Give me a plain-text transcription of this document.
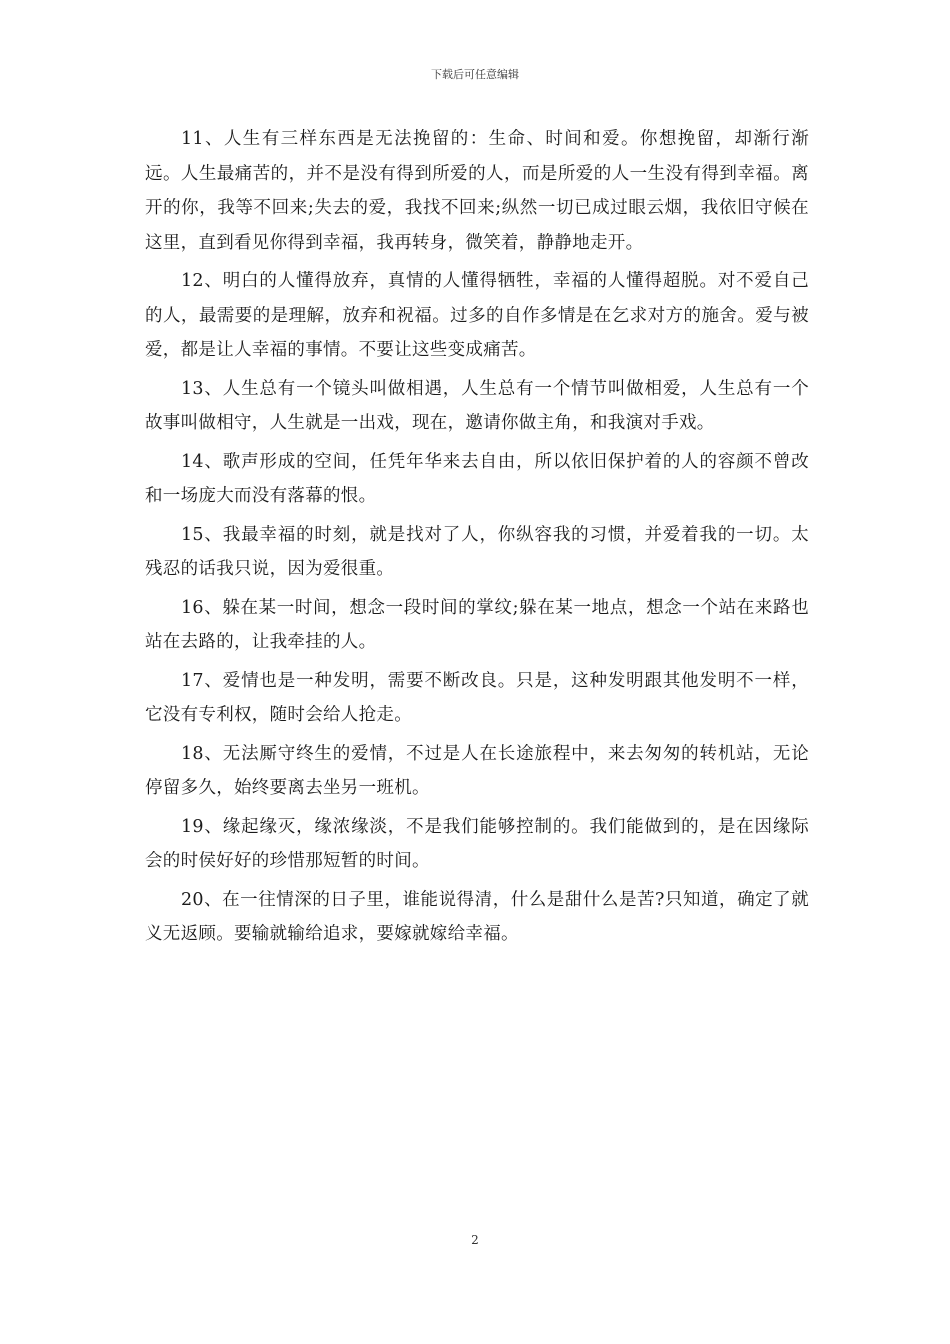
下载后可任意编辑

11、人生有三样东西是无法挽留的：生命、时间和爱。你想挽留，却渐行渐远。人生最痛苦的，并不是没有得到所爱的人，而是所爱的人一生没有得到幸福。离开的你，我等不回来;失去的爱，我找不回来;纵然一切已成过眼云烟，我依旧守候在这里，直到看见你得到幸福，我再转身，微笑着，静静地走开。

12、明白的人懂得放弃，真情的人懂得牺牲，幸福的人懂得超脱。对不爱自己的人，最需要的是理解，放弃和祝福。过多的自作多情是在乞求对方的施舍。爱与被爱，都是让人幸福的事情。不要让这些变成痛苦。

13、人生总有一个镜头叫做相遇，人生总有一个情节叫做相爱，人生总有一个故事叫做相守，人生就是一出戏，现在，邀请你做主角，和我演对手戏。

14、歌声形成的空间，任凭年华来去自由，所以依旧保护着的人的容颜不曾改和一场庞大而没有落幕的恨。

15、我最幸福的时刻，就是找对了人，你纵容我的习惯，并爱着我的一切。太残忍的话我只说，因为爱很重。

16、躲在某一时间，想念一段时间的掌纹;躲在某一地点，想念一个站在来路也站在去路的，让我牵挂的人。

17、爱情也是一种发明，需要不断改良。只是，这种发明跟其他发明不一样，它没有专利权，随时会给人抢走。

18、无法厮守终生的爱情，不过是人在长途旅程中，来去匆匆的转机站，无论停留多久，始终要离去坐另一班机。

19、缘起缘灭，缘浓缘淡，不是我们能够控制的。我们能做到的，是在因缘际会的时侯好好的珍惜那短暂的时间。

20、在一往情深的日子里，谁能说得清，什么是甜什么是苦?只知道，确定了就义无返顾。要输就输给追求，要嫁就嫁给幸福。

2
